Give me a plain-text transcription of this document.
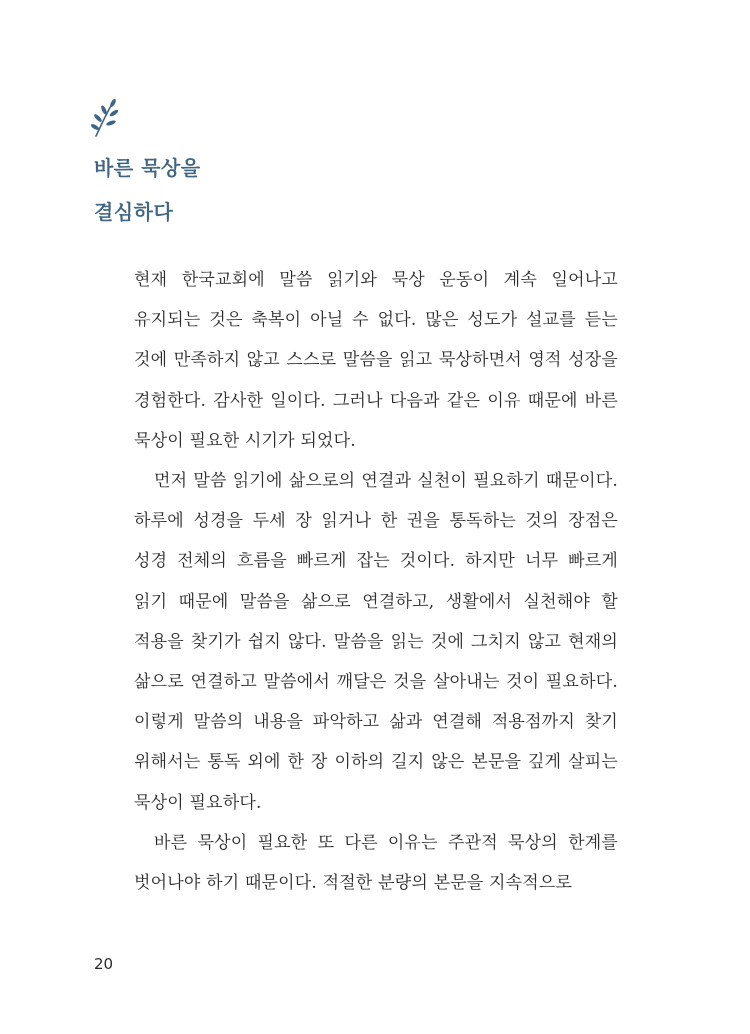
바른 묵상을
결심하다

현재 한국교회에 말씀 읽기와 묵상 운동이 계속 일어나고 유지되는 것은 축복이 아닐 수 없다. 많은 성도가 설교를 듣는 것에 만족하지 않고 스스로 말씀을 읽고 묵상하면서 영적 성장을 경험한다. 감사한 일이다. 그러나 다음과 같은 이유 때문에 바른 묵상이 필요한 시기가 되었다.

먼저 말씀 읽기에 삶으로의 연결과 실천이 필요하기 때문이다. 하루에 성경을 두세 장 읽거나 한 권을 통독하는 것의 장점은 성경 전체의 흐름을 빠르게 잡는 것이다. 하지만 너무 빠르게 읽기 때문에 말씀을 삶으로 연결하고, 생활에서 실천해야 할 적용을 찾기가 쉽지 않다. 말씀을 읽는 것에 그치지 않고 현재의 삶으로 연결하고 말씀에서 깨달은 것을 살아내는 것이 필요하다. 이렇게 말씀의 내용을 파악하고 삶과 연결해 적용점까지 찾기 위해서는 통독 외에 한 장 이하의 길지 않은 본문을 깊게 살피는 묵상이 필요하다.

바른 묵상이 필요한 또 다른 이유는 주관적 묵상의 한계를 벗어나야 하기 때문이다. 적절한 분량의 본문을 지속적으로

20
